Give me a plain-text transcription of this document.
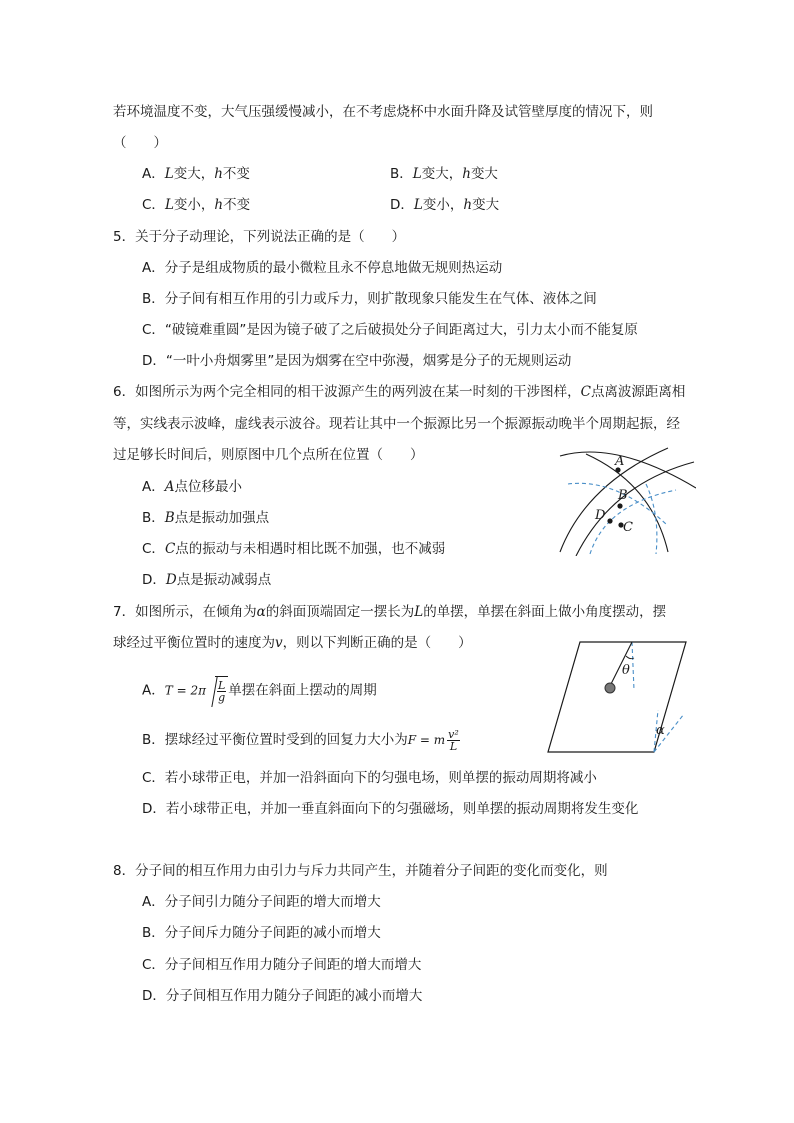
若环境温度不变，大气压强缓慢减小，在不考虑烧杯中水面升降及试管壁厚度的情况下，则
（　　）
A．L变大，h不变	B．L变大，h变大
C．L变小，h不变	D．L变小，h变大
5．关于分子动理论，下列说法正确的是（　　）
A．分子是组成物质的最小微粒且永不停息地做无规则热运动
B．分子间有相互作用的引力或斥力，则扩散现象只能发生在气体、液体之间
C．“破镜难重圆”是因为镜子破了之后破损处分子间距离过大，引力太小而不能复原
D．“一叶小舟烟雾里”是因为烟雾在空中弥漫，烟雾是分子的无规则运动
6．如图所示为两个完全相同的相干波源产生的两列波在某一时刻的干涉图样，C点离波源距离相
等，实线表示波峰，虚线表示波谷。现若让其中一个振源比另一个振源振动晚半个周期起振，经
过足够长时间后，则原图中几个点所在位置（　　）
A．A点位移最小
B．B点是振动加强点
C．C点的振动与未相遇时相比既不加强，也不减弱
D．D点是振动减弱点
A
B
C
D
7．如图所示，在倾角为α的斜面顶端固定一摆长为L的单摆，单摆在斜面上做小角度摆动，摆
球经过平衡位置时的速度为v，则以下判断正确的是（　　）
A．$T = 2\pi \frac{L}{g}$ 单摆在斜面上摆动的周期
B．摆球经过平衡位置时受到的回复力大小为F = m $\frac{\text{v²}}{L}$
C．若小球带正电，并加一沿斜面向下的匀强电场，则单摆的振动周期将减小
D．若小球带正电，并加一垂直斜面向下的匀强磁场，则单摆的振动周期将发生变化
θ
α
8．分子间的相互作用力由引力与斥力共同产生，并随着分子间距的变化而变化，则
A．分子间引力随分子间距的增大而增大
B．分子间斥力随分子间距的减小而增大
C．分子间相互作用力随分子间距的增大而增大
D．分子间相互作用力随分子间距的减小而增大
